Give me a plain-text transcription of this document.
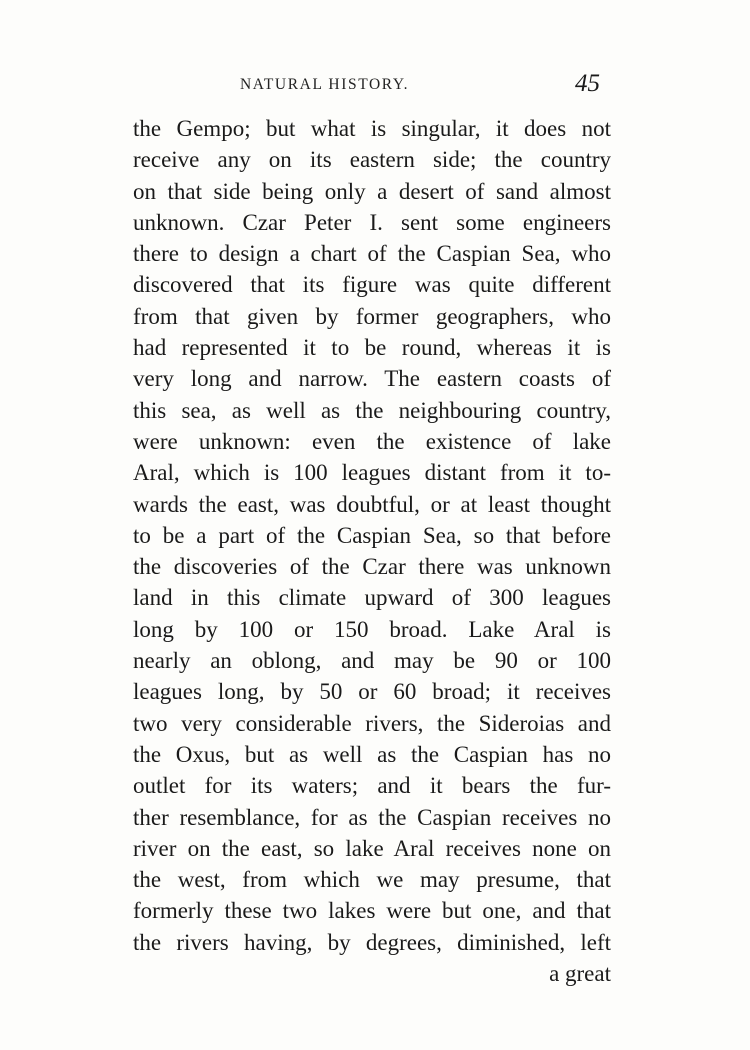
NATURAL HISTORY.	45
the Gempo; but what is singular, it does not
receive any on its eastern side; the country
on that side being only a desert of sand almost
unknown. Czar Peter I. sent some engineers
there to design a chart of the Caspian Sea, who
discovered that its figure was quite different
from that given by former geographers, who
had represented it to be round, whereas it is
very long and narrow. The eastern coasts of
this sea, as well as the neighbouring country,
were unknown: even the existence of lake
Aral, which is 100 leagues distant from it to-
wards the east, was doubtful, or at least thought
to be a part of the Caspian Sea, so that before
the discoveries of the Czar there was unknown
land in this climate upward of 300 leagues
long by 100 or 150 broad. Lake Aral is
nearly an oblong, and may be 90 or 100
leagues long, by 50 or 60 broad; it receives
two very considerable rivers, the Sideroias and
the Oxus, but as well as the Caspian has no
outlet for its waters; and it bears the fur-
ther resemblance, for as the Caspian receives no
river on the east, so lake Aral receives none on
the west, from which we may presume, that
formerly these two lakes were but one, and that
the rivers having, by degrees, diminished, left
a great
